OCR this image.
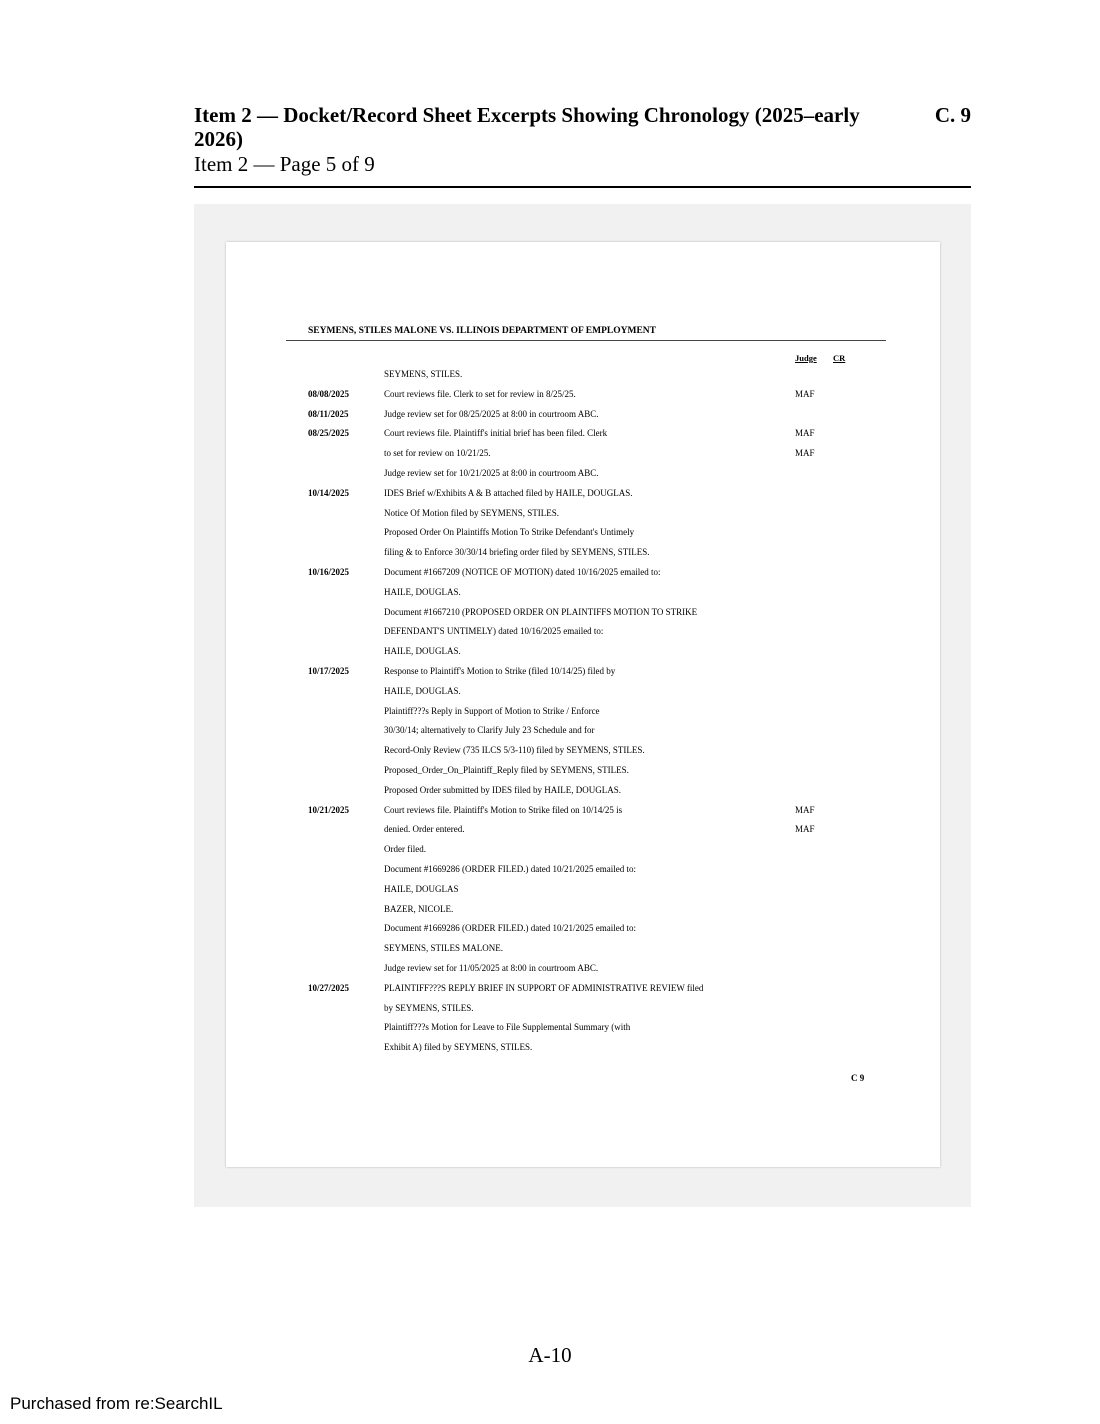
Item 2 — Docket/Record Sheet Excerpts Showing Chronology (2025–early 2026)

C. 9

Item 2 — Page 5 of 9

SEYMENS, STILES MALONE VS. ILLINOIS DEPARTMENT OF EMPLOYMENT
Judge CR
SEYMENS, STILES.
08/08/2025	Court reviews file. Clerk to set for review in 8/25/25.	MAF
08/11/2025	Judge review set for 08/25/2025 at 8:00 in courtroom ABC.
08/25/2025	Court reviews file. Plaintiff's initial brief has been filed. Clerk	MAF
to set for review on 10/21/25.	MAF
Judge review set for 10/21/2025 at 8:00 in courtroom ABC.
10/14/2025	IDES Brief w/Exhibits A & B attached filed by HAILE, DOUGLAS.
Notice Of Motion filed by SEYMENS, STILES.
Proposed Order On Plaintiffs Motion To Strike Defendant's Untimely
filing & to Enforce 30/30/14 briefing order filed by SEYMENS, STILES.
10/16/2025	Document #1667209 (NOTICE OF MOTION) dated 10/16/2025 emailed to:
HAILE, DOUGLAS.
Document #1667210 (PROPOSED ORDER ON PLAINTIFFS MOTION TO STRIKE
DEFENDANT'S UNTIMELY) dated 10/16/2025 emailed to:
HAILE, DOUGLAS.
10/17/2025	Response to Plaintiff's Motion to Strike (filed 10/14/25) filed by
HAILE, DOUGLAS.
Plaintiff???s Reply in Support of Motion to Strike / Enforce
30/30/14; alternatively to Clarify July 23 Schedule and for
Record-Only Review (735 ILCS 5/3-110) filed by SEYMENS, STILES.
Proposed_Order_On_Plaintiff_Reply filed by SEYMENS, STILES.
Proposed Order submitted by IDES filed by HAILE, DOUGLAS.
10/21/2025	Court reviews file. Plaintiff's Motion to Strike filed on 10/14/25 is	MAF
denied. Order entered.	MAF
Order filed.
Document #1669286 (ORDER FILED.) dated 10/21/2025 emailed to:
HAILE, DOUGLAS
BAZER, NICOLE.
Document #1669286 (ORDER FILED.) dated 10/21/2025 emailed to:
SEYMENS, STILES MALONE.
Judge review set for 11/05/2025 at 8:00 in courtroom ABC.
10/27/2025	PLAINTIFF???S REPLY BRIEF IN SUPPORT OF ADMINISTRATIVE REVIEW filed
by SEYMENS, STILES.
Plaintiff???s Motion for Leave to File Supplemental Summary (with
Exhibit A) filed by SEYMENS, STILES.
C 9
A-10
Purchased from re:SearchIL
